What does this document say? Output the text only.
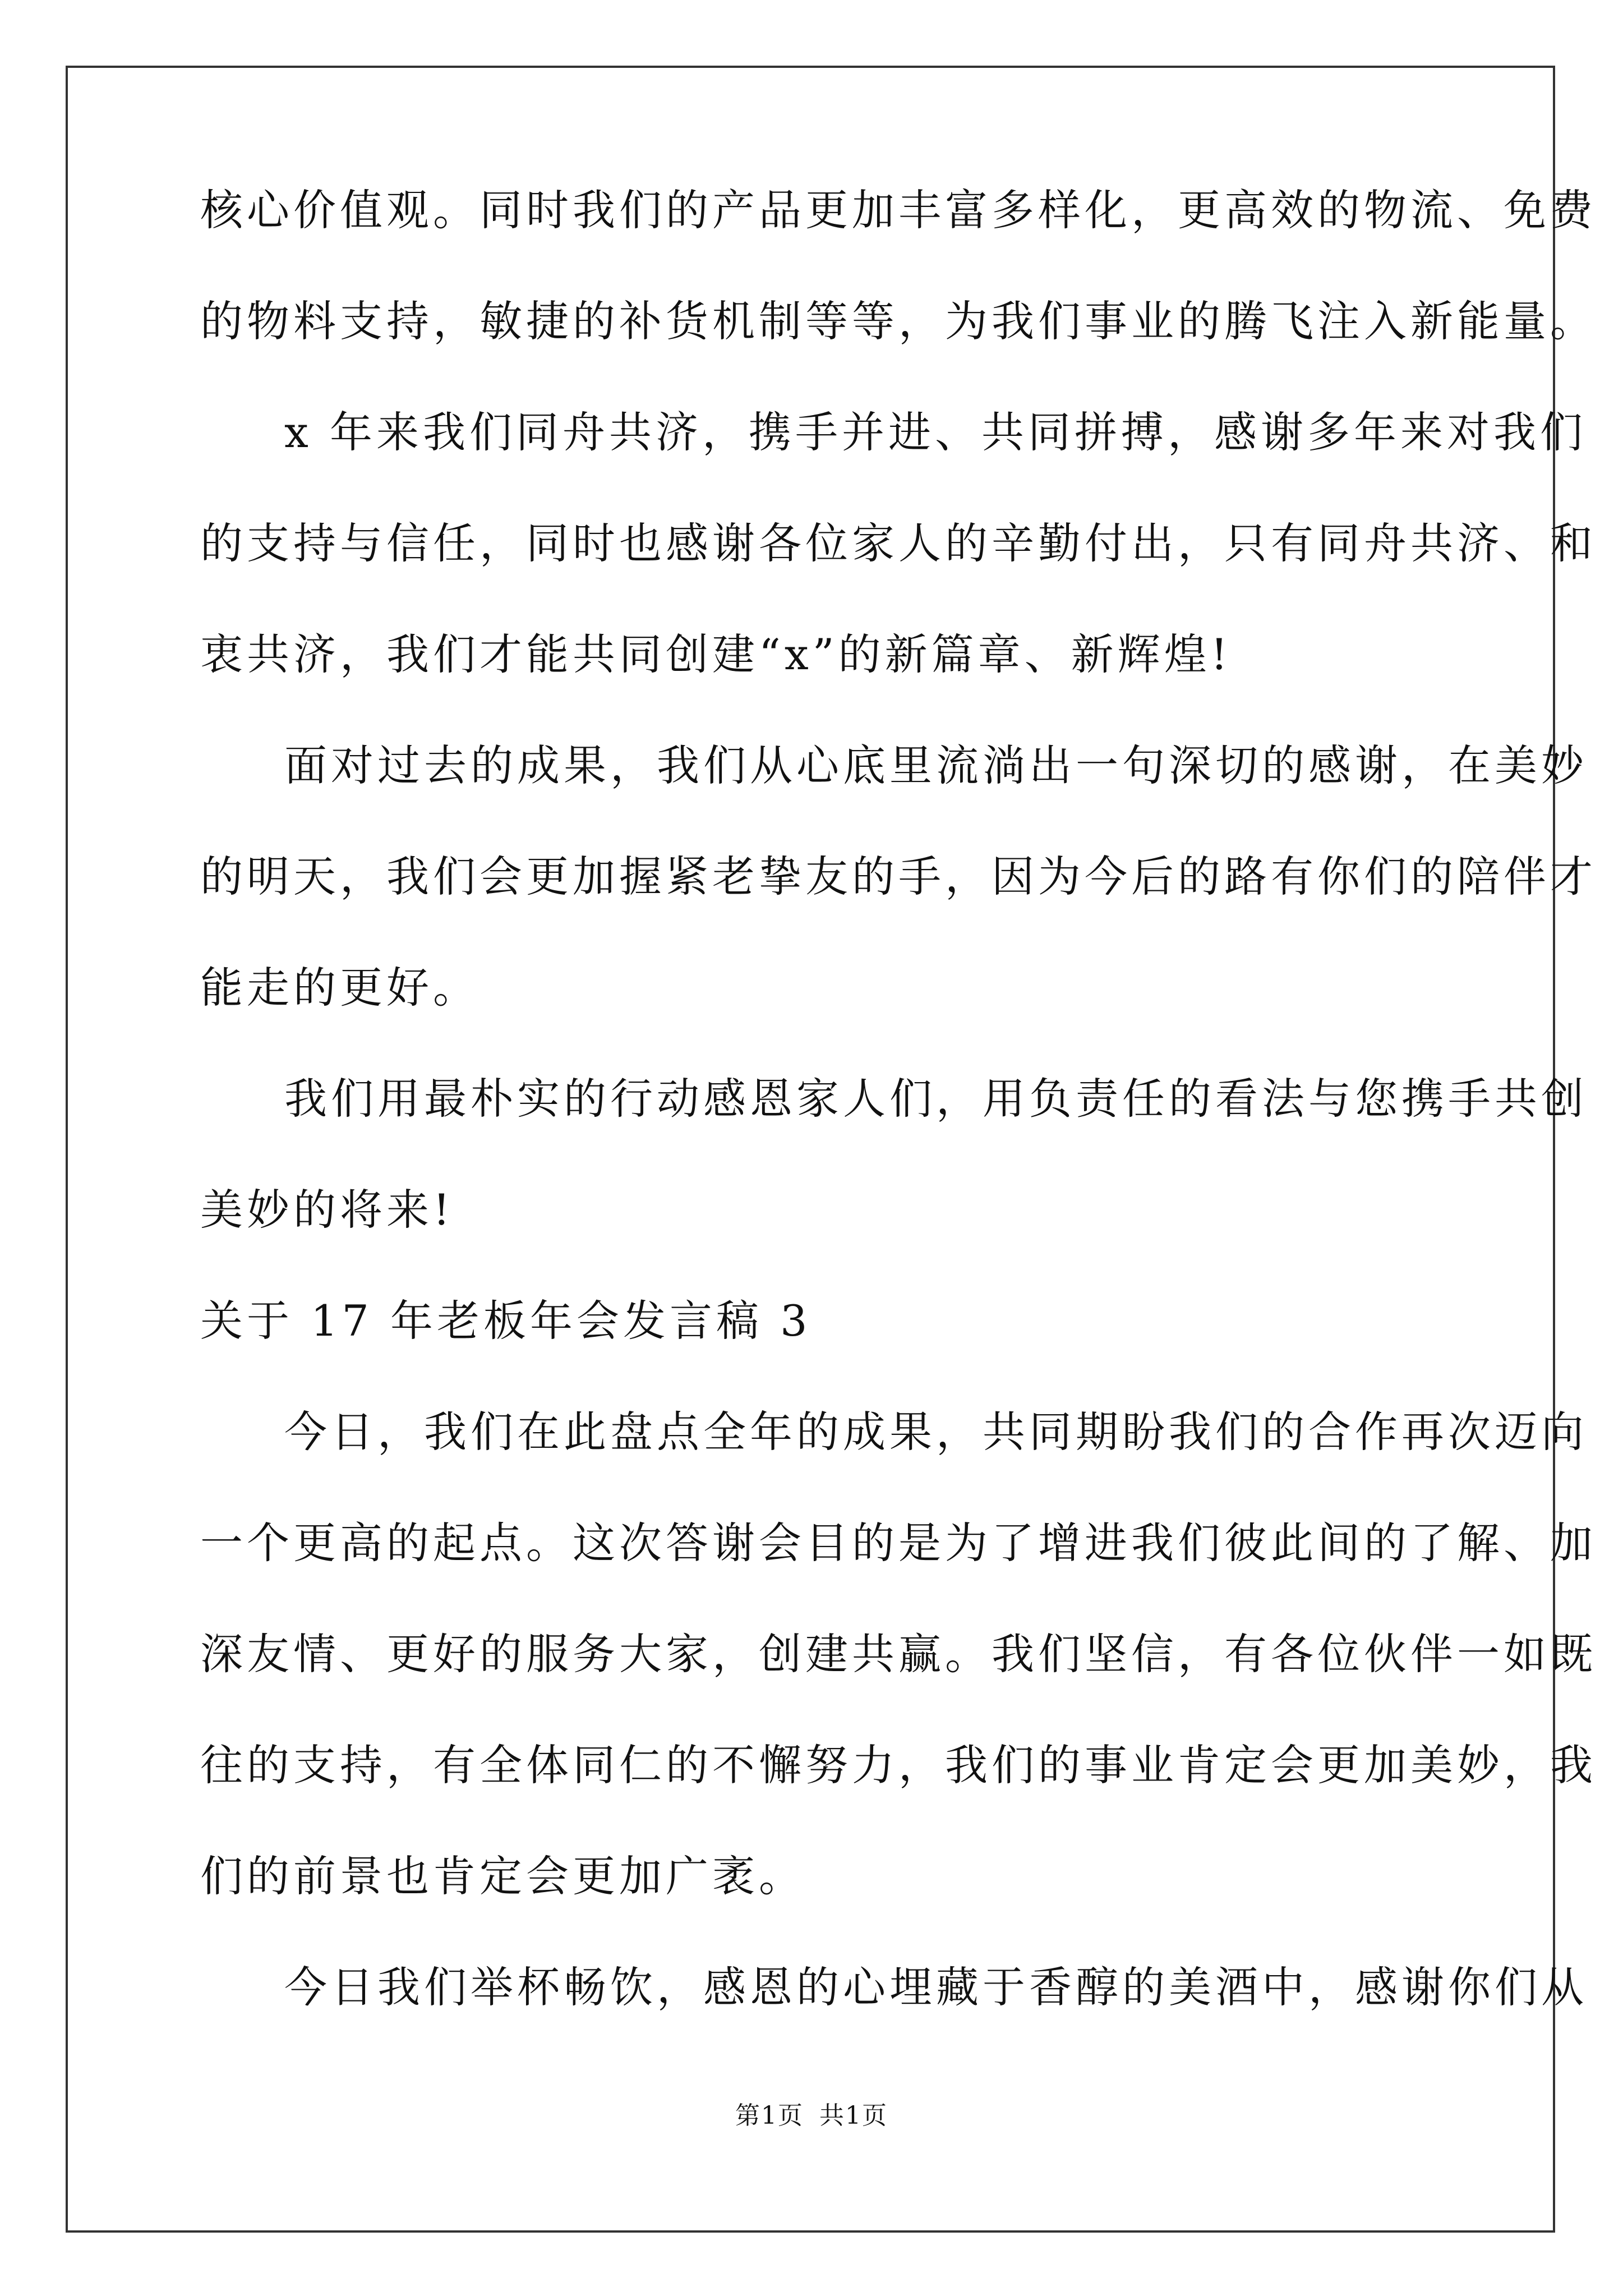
核心价值观。同时我们的产品更加丰富多样化，更高效的物流、免费
的物料支持，敏捷的补货机制等等，为我们事业的腾飞注入新能量。
x 年来我们同舟共济，携手并进、共同拼搏，感谢多年来对我们
的支持与信任，同时也感谢各位家人的辛勤付出，只有同舟共济、和
衷共济，我们才能共同创建“x”的新篇章、新辉煌!
面对过去的成果，我们从心底里流淌出一句深切的感谢，在美妙
的明天，我们会更加握紧老挚友的手，因为今后的路有你们的陪伴才
能走的更好。
我们用最朴实的行动感恩家人们，用负责任的看法与您携手共创
美妙的将来!
关于 17 年老板年会发言稿 3
今日，我们在此盘点全年的成果，共同期盼我们的合作再次迈向
一个更高的起点。这次答谢会目的是为了增进我们彼此间的了解、加
深友情、更好的服务大家，创建共赢。我们坚信，有各位伙伴一如既
往的支持，有全体同仁的不懈努力，我们的事业肯定会更加美妙，我
们的前景也肯定会更加广袤。
今日我们举杯畅饮，感恩的心埋藏于香醇的美酒中，感谢你们从
第1页 共1页
